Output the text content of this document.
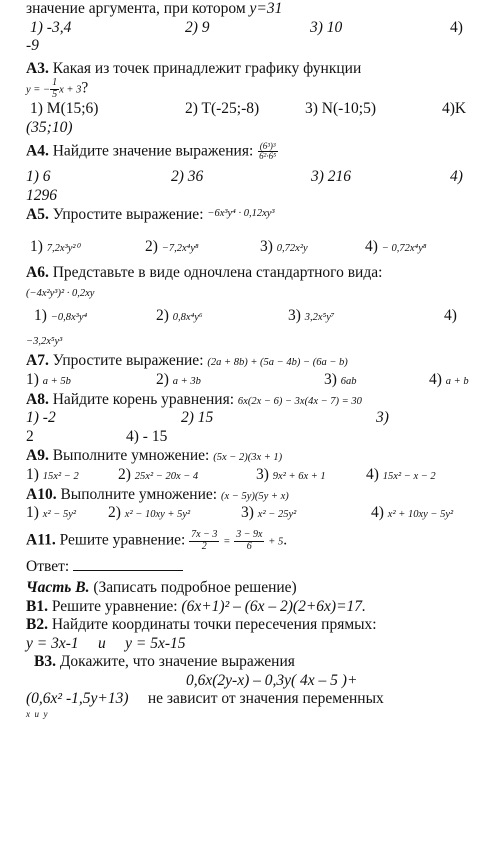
значение аргумента, при котором y=31
1) -3,4	2) 9	3) 10	4)

-9
А3. Какая из точек принадлежит графику функции
y = − $\frac{1}{5}$ x + 3?
1) M(15;6)	2) T(-25;-8)	3) N(-10;5)	4)K
(35;10)
А4. Найдите значение выражения: $\frac{\text{(6³)³}}{\text{6²·6⁵}}$
1) 6	2) 36	3) 216	4)
1296
А5. Упростите выражение: −6x³y⁴ · 0,12xy³
1) 7,2x³y²⁰	2) −7,2x⁴y⁸	3) 0,72x²y	4) − 0,72x⁴y⁸
А6. Представьте в виде одночлена стандартного вида:
(−4x²y³)² · 0,2xy
1) −0,8x³y⁴	2) 0,8x⁴y⁶	3) 3,2x⁵y⁷	4)
−3,2x⁵y³
А7. Упростите выражение: (2a + 8b) + (5a − 4b) − (6a − b)
1) a + 5b	2) a + 3b	3) 6ab	4) a + b
А8. Найдите корень уравнения: 6x(2x − 6) − 3x(4x − 7) = 30
1) -2	2) 15	3)
2	4) - 15
А9. Выполните умножение: (5x − 2)(3x + 1)
1) 15x² − 2	2) 25x² − 20x − 4	3) 9x² + 6x + 1	4) 15x² − x − 2
А10. Выполните умножение: (x − 5y)(5y + x)
1) x² − 5y² 2) x² − 10xy + 5y²	3) x² − 25y²	4) x² + 10xy − 5y²
А11. Решите уравнение: $\frac{7x - 3}{2} = \frac{3 - 9x}{6} + 5$.
Ответ:
Часть В. (Записать подробное решение)
В1. Решите уравнение: (6x+1)² – (6x – 2)(2+6x)=17.
В2. Найдите координаты точки пересечения прямых:
y = 3x-1     и     y = 5x-15
В3. Докажите, что значение выражения
0,6x(2y-x) – 0,3y( 4x – 5 )+
(0,6x² -1,5y+13) не зависит от значения переменных
x  и  y
